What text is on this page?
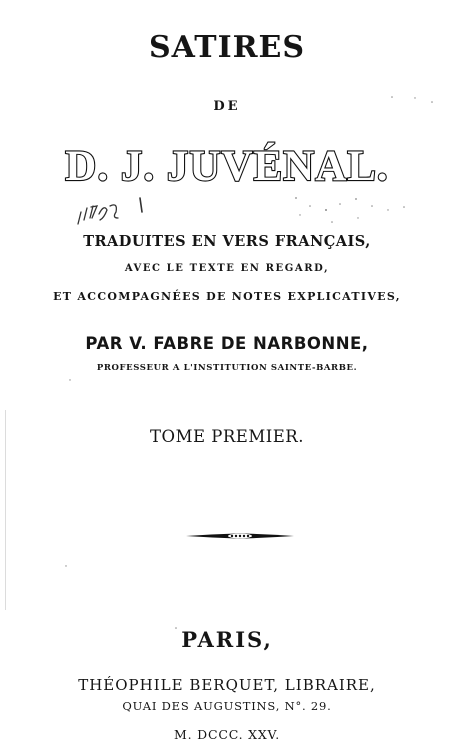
SATIRES
DE
D. J. JUVÉNAL.
TRADUITES EN VERS FRANÇAIS,
AVEC LE TEXTE EN REGARD,
ET ACCOMPAGNÉES DE NOTES EXPLICATIVES,
PAR V. FABRE DE NARBONNE,
PROFESSEUR A L'INSTITUTION SAINTE-BARBE.
TOME PREMIER.
PARIS,
THÉOPHILE BERQUET, LIBRAIRE,
QUAI DES AUGUSTINS, N°. 29.
M. DCCC. XXV.
